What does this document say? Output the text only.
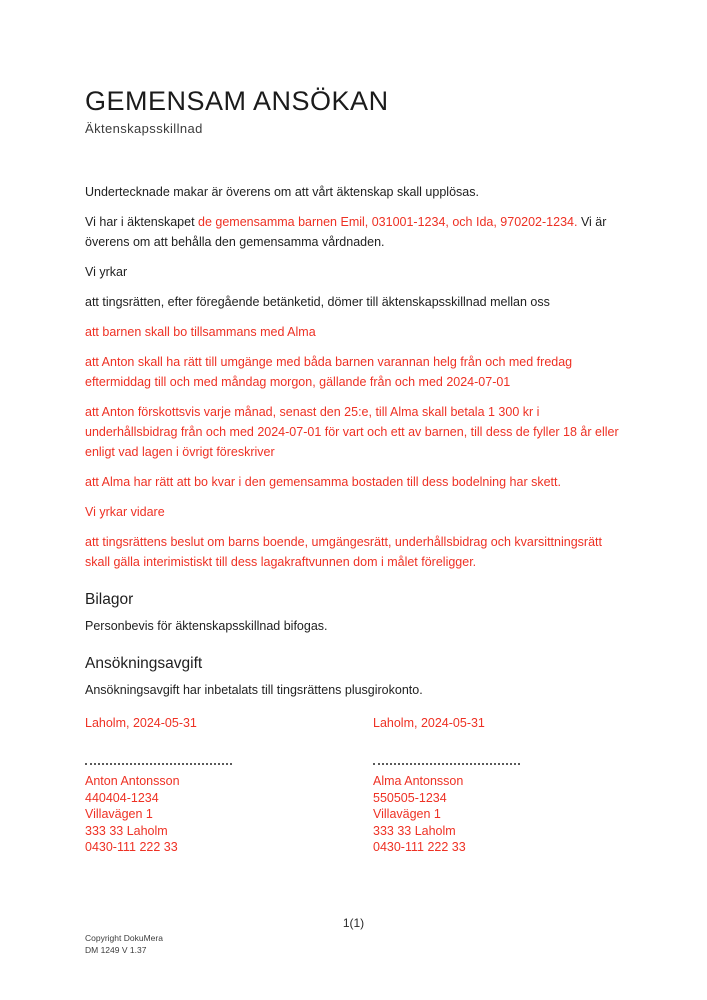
GEMENSAM ANSÖKAN
Äktenskapsskillnad

Undertecknade makar är överens om att vårt äktenskap skall upplösas.

Vi har i äktenskapet de gemensamma barnen Emil, 031001-1234, och Ida, 970202-1234. Vi är överens om att behålla den gemensamma vårdnaden.

Vi yrkar

att tingsrätten, efter föregående betänketid, dömer till äktenskapsskillnad mellan oss

att barnen skall bo tillsammans med Alma

att Anton skall ha rätt till umgänge med båda barnen varannan helg från och med fredag eftermiddag till och med måndag morgon, gällande från och med 2024-07-01

att Anton förskottsvis varje månad, senast den 25:e, till Alma skall betala 1 300 kr i underhållsbidrag från och med 2024-07-01 för vart och ett av barnen, till dess de fyller 18 år eller enligt vad lagen i övrigt föreskriver

att Alma har rätt att bo kvar i den gemensamma bostaden till dess bodelning har skett.

Vi yrkar vidare

att tingsrättens beslut om barns boende, umgängesrätt, underhållsbidrag och kvarsittningsrätt skall gälla interimistiskt till dess lagakraftvunnen dom i målet föreligger.

Bilagor

Personbevis för äktenskapsskillnad bifogas.

Ansökningsavgift

Ansökningsavgift har inbetalats till tingsrättens plusgirokonto.

Laholm, 2024-05-31	Laholm, 2024-05-31
Anton Antonsson
440404-1234
Villavägen 1
333 33 Laholm
0430-111 222 33
Alma Antonsson
550505-1234
Villavägen 1
333 33 Laholm
0430-111 222 33
1(1)
Copyright DokuMera
DM 1249 V 1.37
